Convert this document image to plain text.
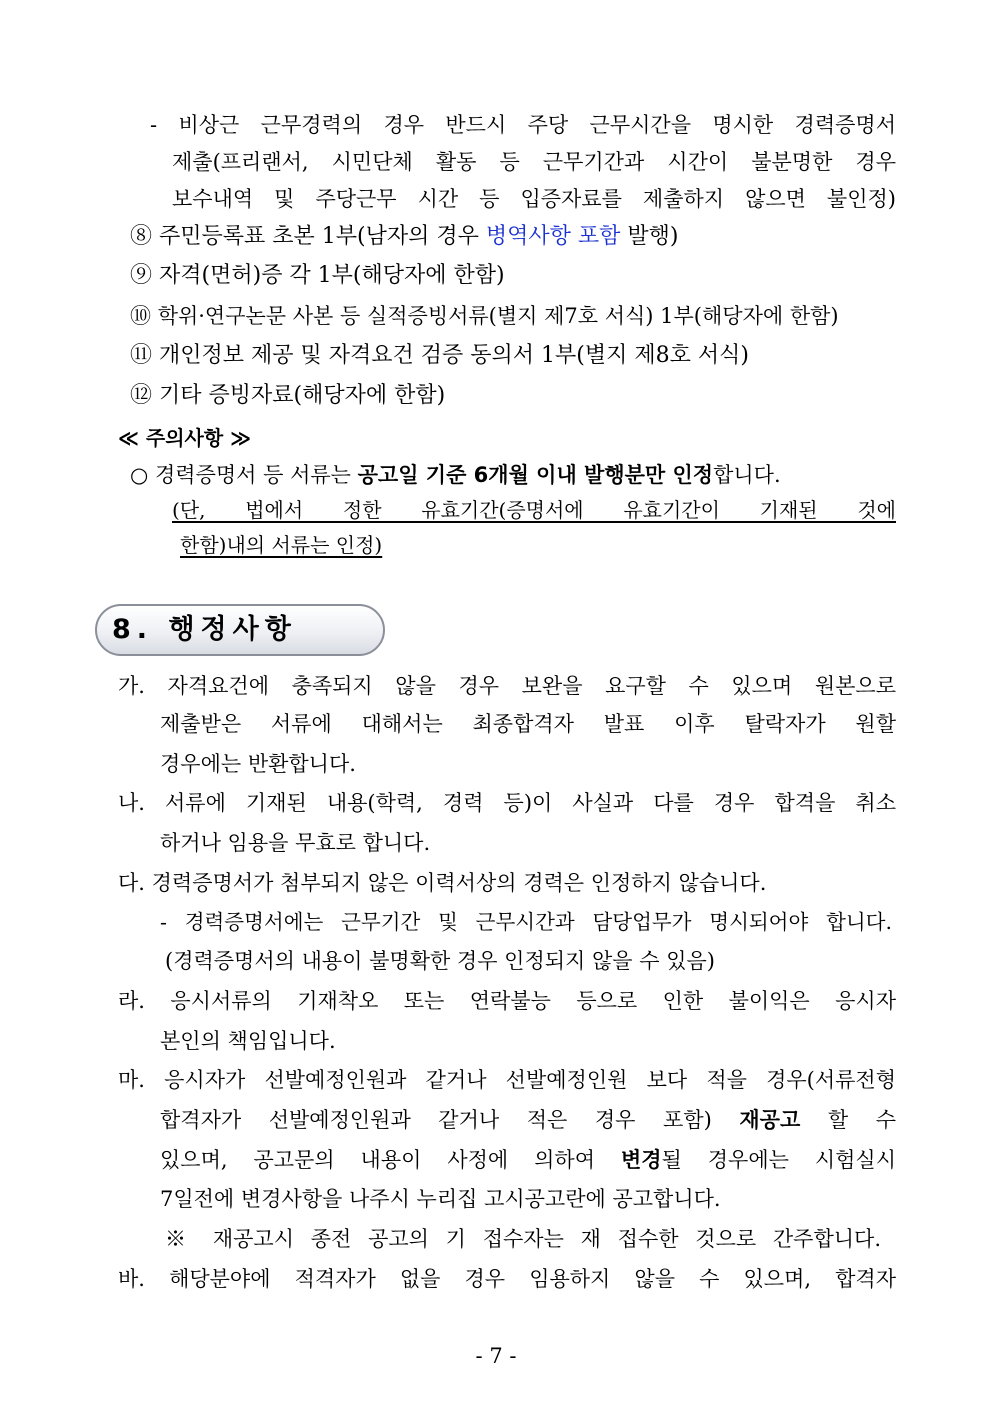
- 비상근 근무경력의 경우 반드시 주당 근무시간을 명시한 경력증명서
제출(프리랜서, 시민단체 활동 등 근무기간과 시간이 불분명한 경우
보수내역 및 주당근무 시간 등 입증자료를 제출하지 않으면 불인정)
⑧ 주민등록표 초본 1부(남자의 경우 병역사항 포함 발행)
⑨ 자격(면허)증 각 1부(해당자에 한함)
⑩ 학위·연구논문 사본 등 실적증빙서류(별지 제7호 서식) 1부(해당자에 한함)
⑪ 개인정보 제공 및 자격요건 검증 동의서 1부(별지 제8호 서식)
⑫ 기타 증빙자료(해당자에 한함)
≪ 주의사항 ≫
○ 경력증명서 등 서류는 공고일 기준 6개월 이내 발행분만 인정합니다.
(단, 법에서 정한 유효기간(증명서에 유효기간이 기재된 것에
한함)내의 서류는 인정)
8. 행정사항
가. 자격요건에 충족되지 않을 경우 보완을 요구할 수 있으며 원본으로
제출받은 서류에 대해서는 최종합격자 발표 이후 탈락자가 원할
경우에는 반환합니다.
나. 서류에 기재된 내용(학력, 경력 등)이 사실과 다를 경우 합격을 취소
하거나 임용을 무효로 합니다.
다. 경력증명서가 첨부되지 않은 이력서상의 경력은 인정하지 않습니다.
- 경력증명서에는 근무기간 및 근무시간과 담당업무가 명시되어야 합니다.
(경력증명서의 내용이 불명확한 경우 인정되지 않을 수 있음)
라. 응시서류의 기재착오 또는 연락불능 등으로 인한 불이익은 응시자
본인의 책임입니다.
마. 응시자가 선발예정인원과 같거나 선발예정인원 보다 적을 경우(서류전형
합격자가 선발예정인원과 같거나 적은 경우 포함) 재공고 할 수
있으며, 공고문의 내용이 사정에 의하여 변경될 경우에는 시험실시
7일전에 변경사항을 나주시 누리집 고시공고란에 공고합니다.
※ 재공고시 종전 공고의 기 접수자는 재 접수한 것으로 간주합니다.
바. 해당분야에 적격자가 없을 경우 임용하지 않을 수 있으며, 합격자
- 7 -
